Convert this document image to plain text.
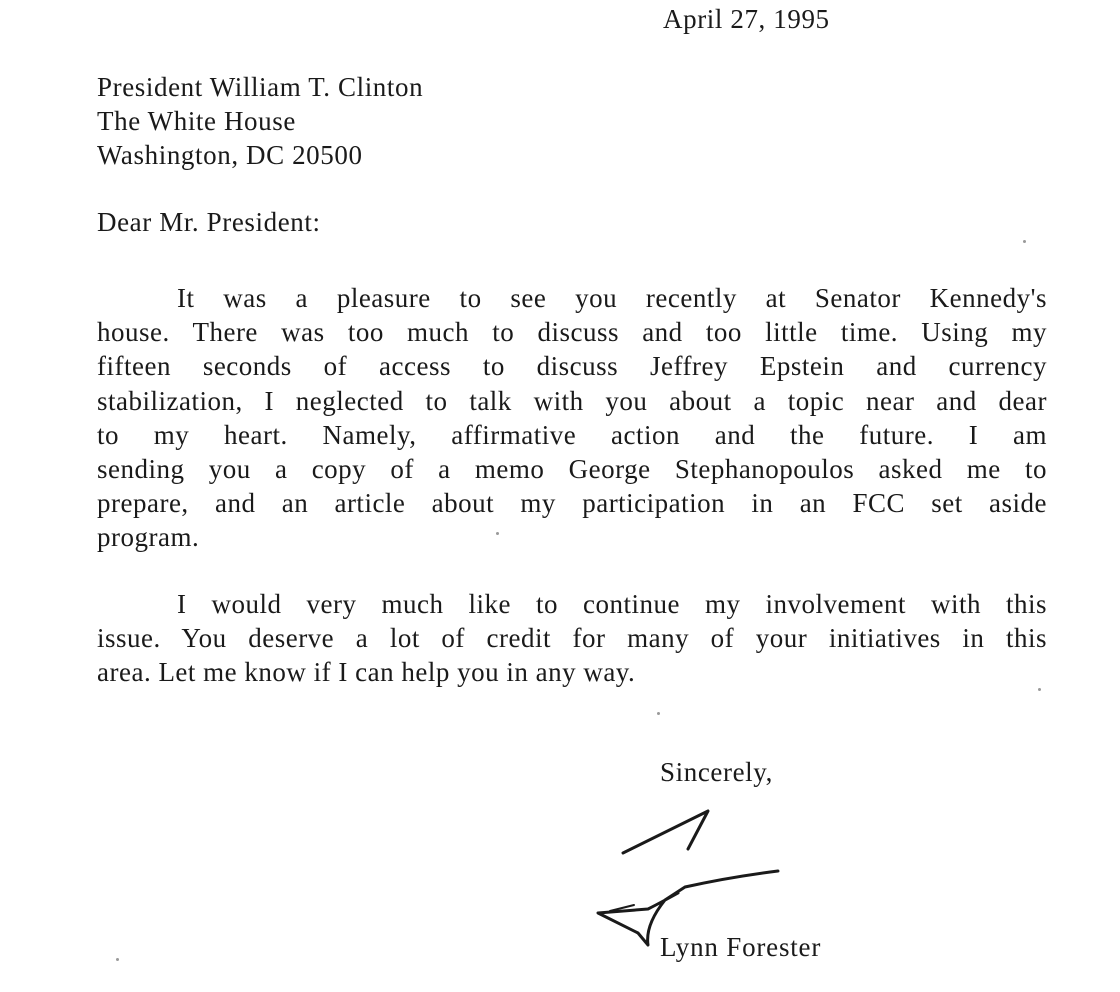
April 27, 1995
President William T. Clinton
The White House
Washington, DC 20500
Dear Mr. President:
It was a pleasure to see you recently at Senator Kennedy's
house. There was too much to discuss and too little time. Using my
fifteen seconds of access to discuss Jeffrey Epstein and currency
stabilization, I neglected to talk with you about a topic near and dear
to my heart. Namely, affirmative action and the future. I am
sending you a copy of a memo George Stephanopoulos asked me to
prepare, and an article about my participation in an FCC set aside
program.
I would very much like to continue my involvement with this
issue. You deserve a lot of credit for many of your initiatives in this
area. Let me know if I can help you in any way.
Sincerely,
Lynn Forester
